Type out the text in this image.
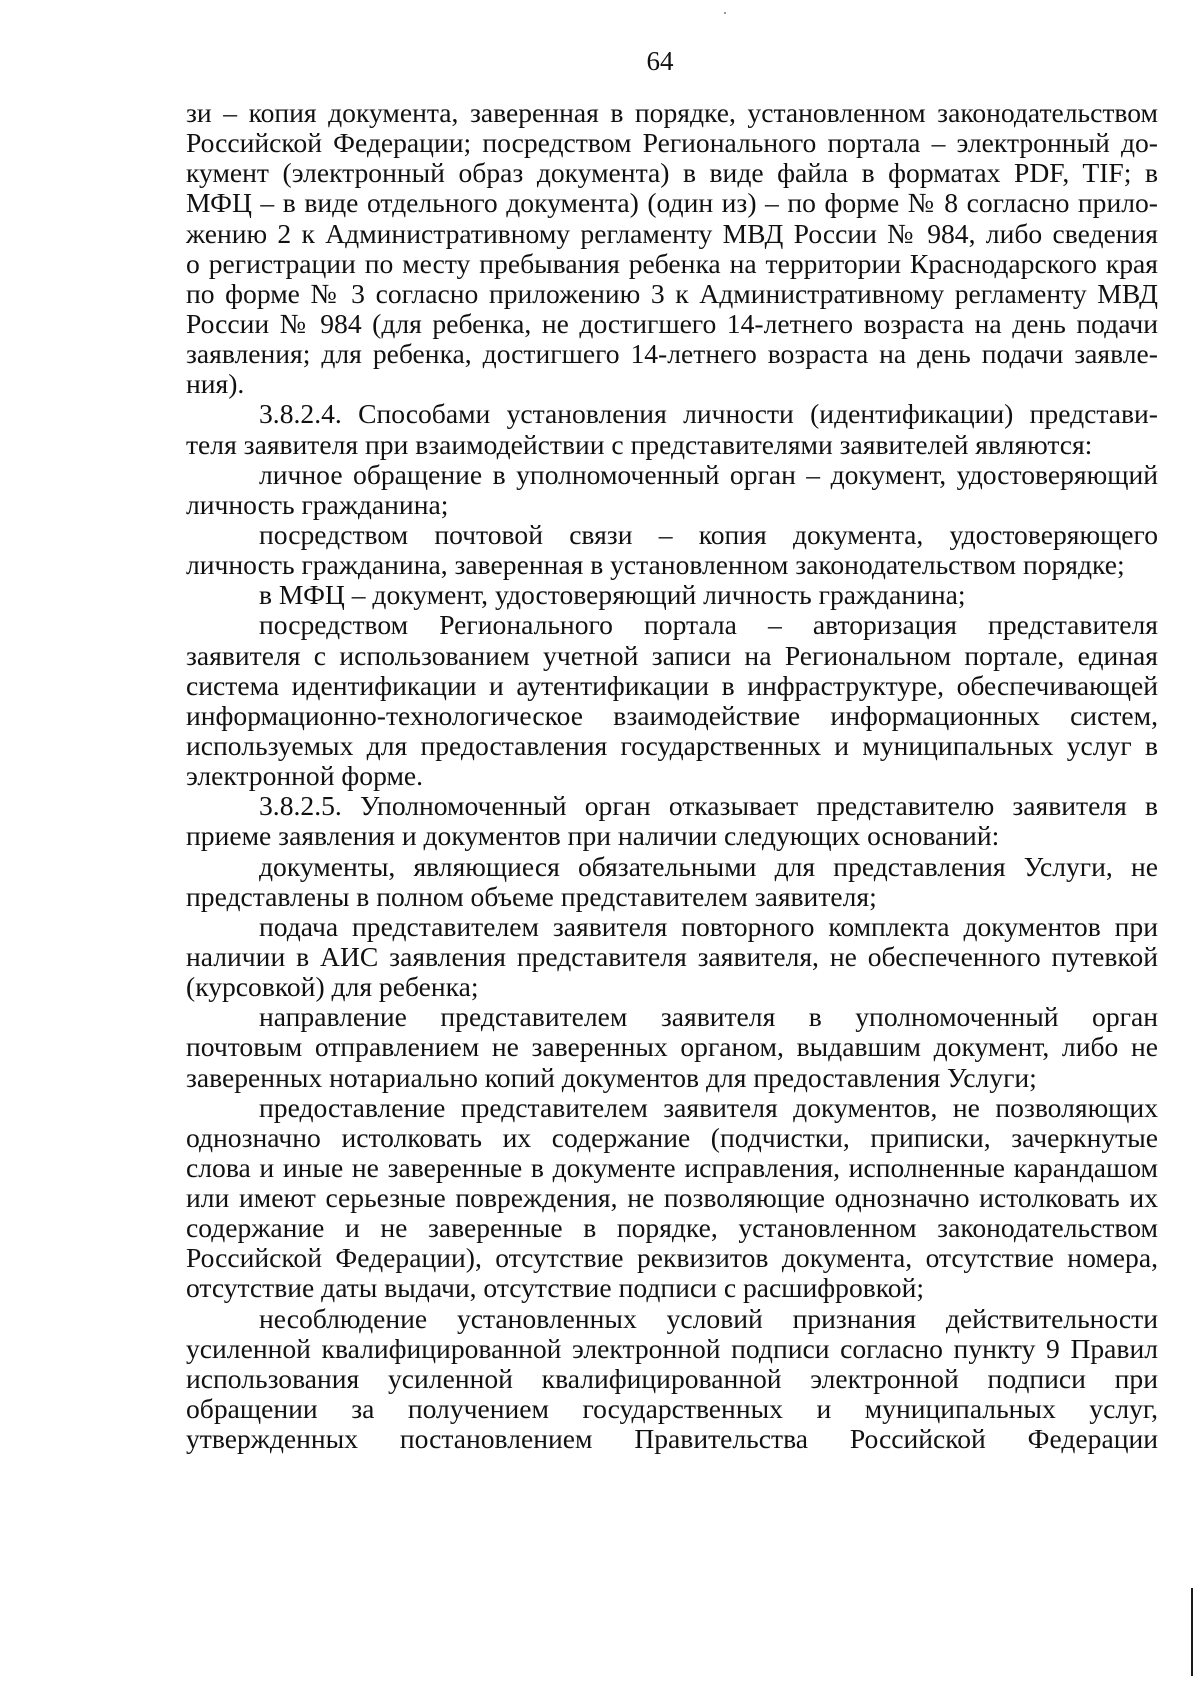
64
зи – копия документа, заверенная в порядке, установленном законодательством
Российской Федерации; посредством Регионального портала – электронный до-
кумент (электронный образ документа) в виде файла в форматах PDF, TIF; в
МФЦ – в виде отдельного документа) (один из) – по форме № 8 согласно прило-
жению 2 к Административному регламенту МВД России № 984, либо сведения
о регистрации по месту пребывания ребенка на территории Краснодарского края
по форме № 3 согласно приложению 3 к Административному регламенту МВД
России № 984 (для ребенка, не достигшего 14-летнего возраста на день подачи
заявления; для ребенка, достигшего 14-летнего возраста на день подачи заявле-
ния).
3.8.2.4. Способами установления личности (идентификации) представи-
теля заявителя при взаимодействии с представителями заявителей являются:
личное обращение в уполномоченный орган – документ, удостоверяющий
личность гражданина;
посредством почтовой связи – копия документа, удостоверяющего
личность гражданина, заверенная в установленном законодательством порядке;
в МФЦ – документ, удостоверяющий личность гражданина;
посредством Регионального портала – авторизация представителя
заявителя с использованием учетной записи на Региональном портале, единая
система идентификации и аутентификации в инфраструктуре, обеспечивающей
информационно-технологическое взаимодействие информационных систем,
используемых для предоставления государственных и муниципальных услуг в
электронной форме.
3.8.2.5. Уполномоченный орган отказывает представителю заявителя в
приеме заявления и документов при наличии следующих оснований:
документы, являющиеся обязательными для представления Услуги, не
представлены в полном объеме представителем заявителя;
подача представителем заявителя повторного комплекта документов при
наличии в АИС заявления представителя заявителя, не обеспеченного путевкой
(курсовкой) для ребенка;
направление представителем заявителя в уполномоченный орган
почтовым отправлением не заверенных органом, выдавшим документ, либо не
заверенных нотариально копий документов для предоставления Услуги;
предоставление представителем заявителя документов, не позволяющих
однозначно истолковать их содержание (подчистки, приписки, зачеркнутые
слова и иные не заверенные в документе исправления, исполненные карандашом
или имеют серьезные повреждения, не позволяющие однозначно истолковать их
содержание и не заверенные в порядке, установленном законодательством
Российской Федерации), отсутствие реквизитов документа, отсутствие номера,
отсутствие даты выдачи, отсутствие подписи с расшифровкой;
несоблюдение установленных условий признания действительности
усиленной квалифицированной электронной подписи согласно пункту 9 Правил
использования усиленной квалифицированной электронной подписи при
обращении за получением государственных и муниципальных услуг,
утвержденных постановлением Правительства Российской Федерации
